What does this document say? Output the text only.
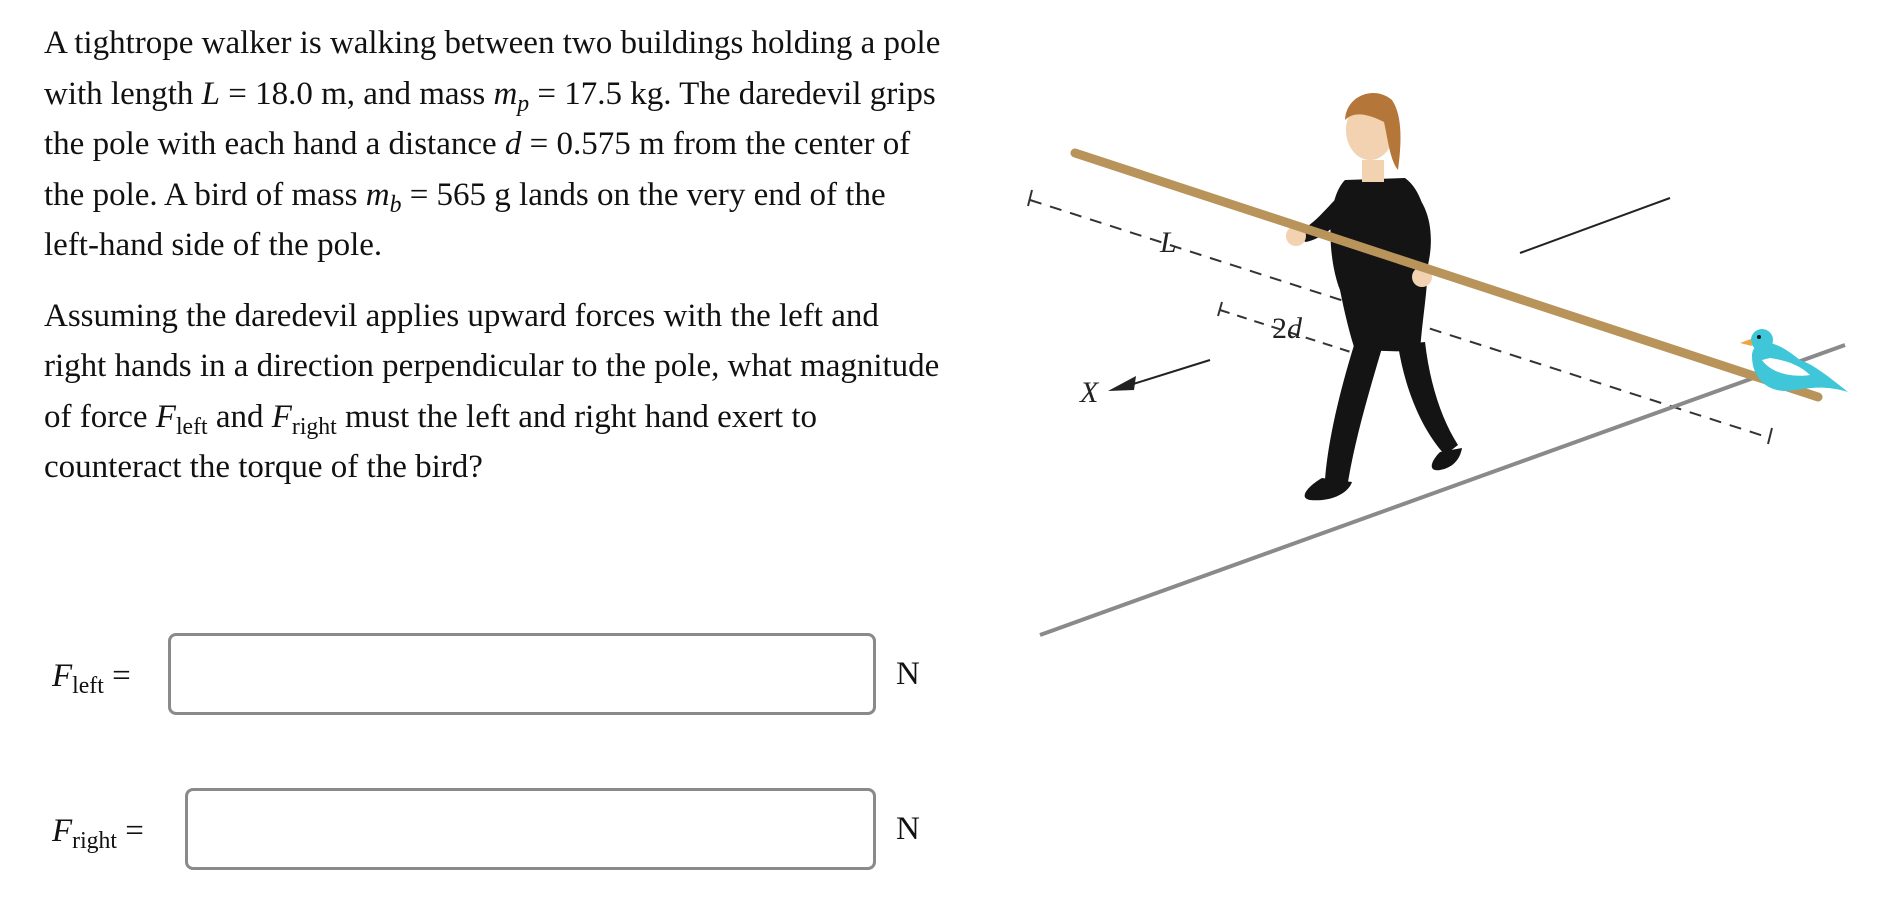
A tightrope walker is walking between two buildings holding a pole with length L = 18.0 m, and mass $m_p = 17.5$ kg. The daredevil grips the pole with each hand a distance d = 0.575 m from the center of the pole. A bird of mass $m_b = 565$ g lands on the very end of the left-hand side of the pole.

Assuming the daredevil applies upward forces with the left and right hands in a direction perpendicular to the pole, what magnitude of force $F_{left}$ and $F_{right}$ must the left and right hand exert to counteract the torque of the bird?

$F_{left}$ =	N
$F_{right}$ =	N
L
2d
X
